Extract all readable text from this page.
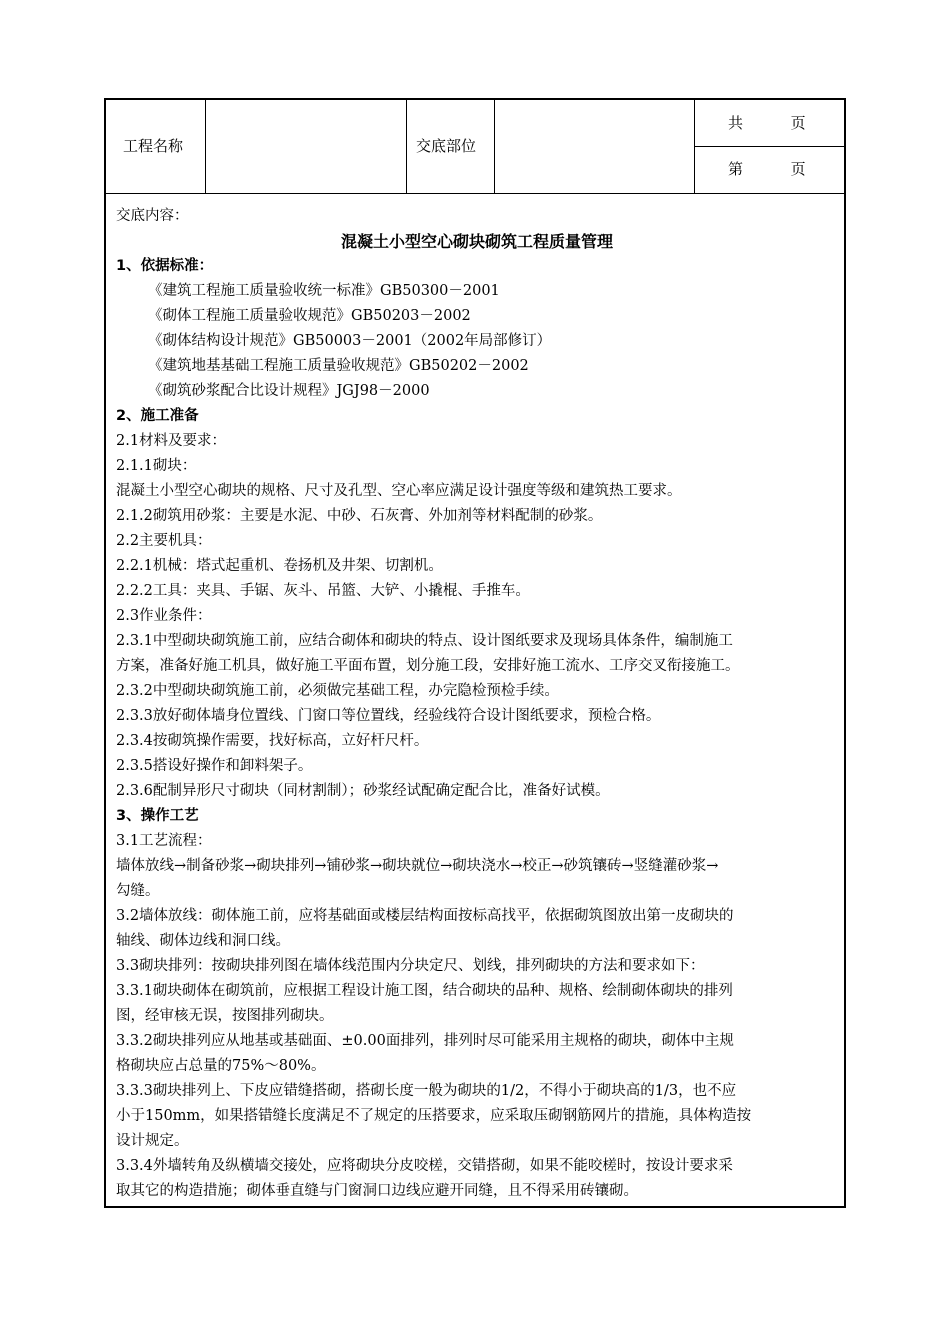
工程名称	交底部位
共          页
第          页
交底内容：
混凝土小型空心砌块砌筑工程质量管理
1、依据标准：
《建筑工程施工质量验收统一标准》GB50300－2001
《砌体工程施工质量验收规范》GB50203－2002
《砌体结构设计规范》GB50003－2001（2002年局部修订）
《建筑地基基础工程施工质量验收规范》GB50202－2002
《砌筑砂浆配合比设计规程》JGJ98－2000
2、施工准备
2.1材料及要求：
2.1.1砌块：
混凝土小型空心砌块的规格、尺寸及孔型、空心率应满足设计强度等级和建筑热工要求。
2.1.2砌筑用砂浆：主要是水泥、中砂、石灰膏、外加剂等材料配制的砂浆。
2.2主要机具：
2.2.1机械：塔式起重机、卷扬机及井架、切割机。
2.2.2工具：夹具、手锯、灰斗、吊篮、大铲、小撬棍、手推车。
2.3作业条件：
2.3.1中型砌块砌筑施工前，应结合砌体和砌块的特点、设计图纸要求及现场具体条件，编制施工
方案，准备好施工机具，做好施工平面布置，划分施工段，安排好施工流水、工序交叉衔接施工。
2.3.2中型砌块砌筑施工前，必须做完基础工程，办完隐检预检手续。
2.3.3放好砌体墙身位置线、门窗口等位置线，经验线符合设计图纸要求，预检合格。
2.3.4按砌筑操作需要，找好标高，立好杆尺杆。
2.3.5搭设好操作和卸料架子。
2.3.6配制异形尺寸砌块（同材割制）；砂浆经试配确定配合比，准备好试模。
3、操作工艺
3.1工艺流程：
墙体放线→制备砂浆→砌块排列→铺砂浆→砌块就位→砌块浇水→校正→砂筑镶砖→竖缝灌砂浆→
勾缝。
3.2墙体放线：砌体施工前，应将基础面或楼层结构面按标高找平，依据砌筑图放出第一皮砌块的
轴线、砌体边线和洞口线。
3.3砌块排列：按砌块排列图在墙体线范围内分块定尺、划线，排列砌块的方法和要求如下：
3.3.1砌块砌体在砌筑前，应根据工程设计施工图，结合砌块的品种、规格、绘制砌体砌块的排列
图，经审核无误，按图排列砌块。
3.3.2砌块排列应从地基或基础面、±0.00面排列，排列时尽可能采用主规格的砌块，砌体中主规
格砌块应占总量的75%～80%。
3.3.3砌块排列上、下皮应错缝搭砌，搭砌长度一般为砌块的1/2，不得小于砌块高的1/3，也不应
小于150mm，如果搭错缝长度满足不了规定的压搭要求，应采取压砌钢筋网片的措施，具体构造按
设计规定。
3.3.4外墙转角及纵横墙交接处，应将砌块分皮咬槎，交错搭砌，如果不能咬槎时，按设计要求采
取其它的构造措施；砌体垂直缝与门窗洞口边线应避开同缝，且不得采用砖镶砌。
